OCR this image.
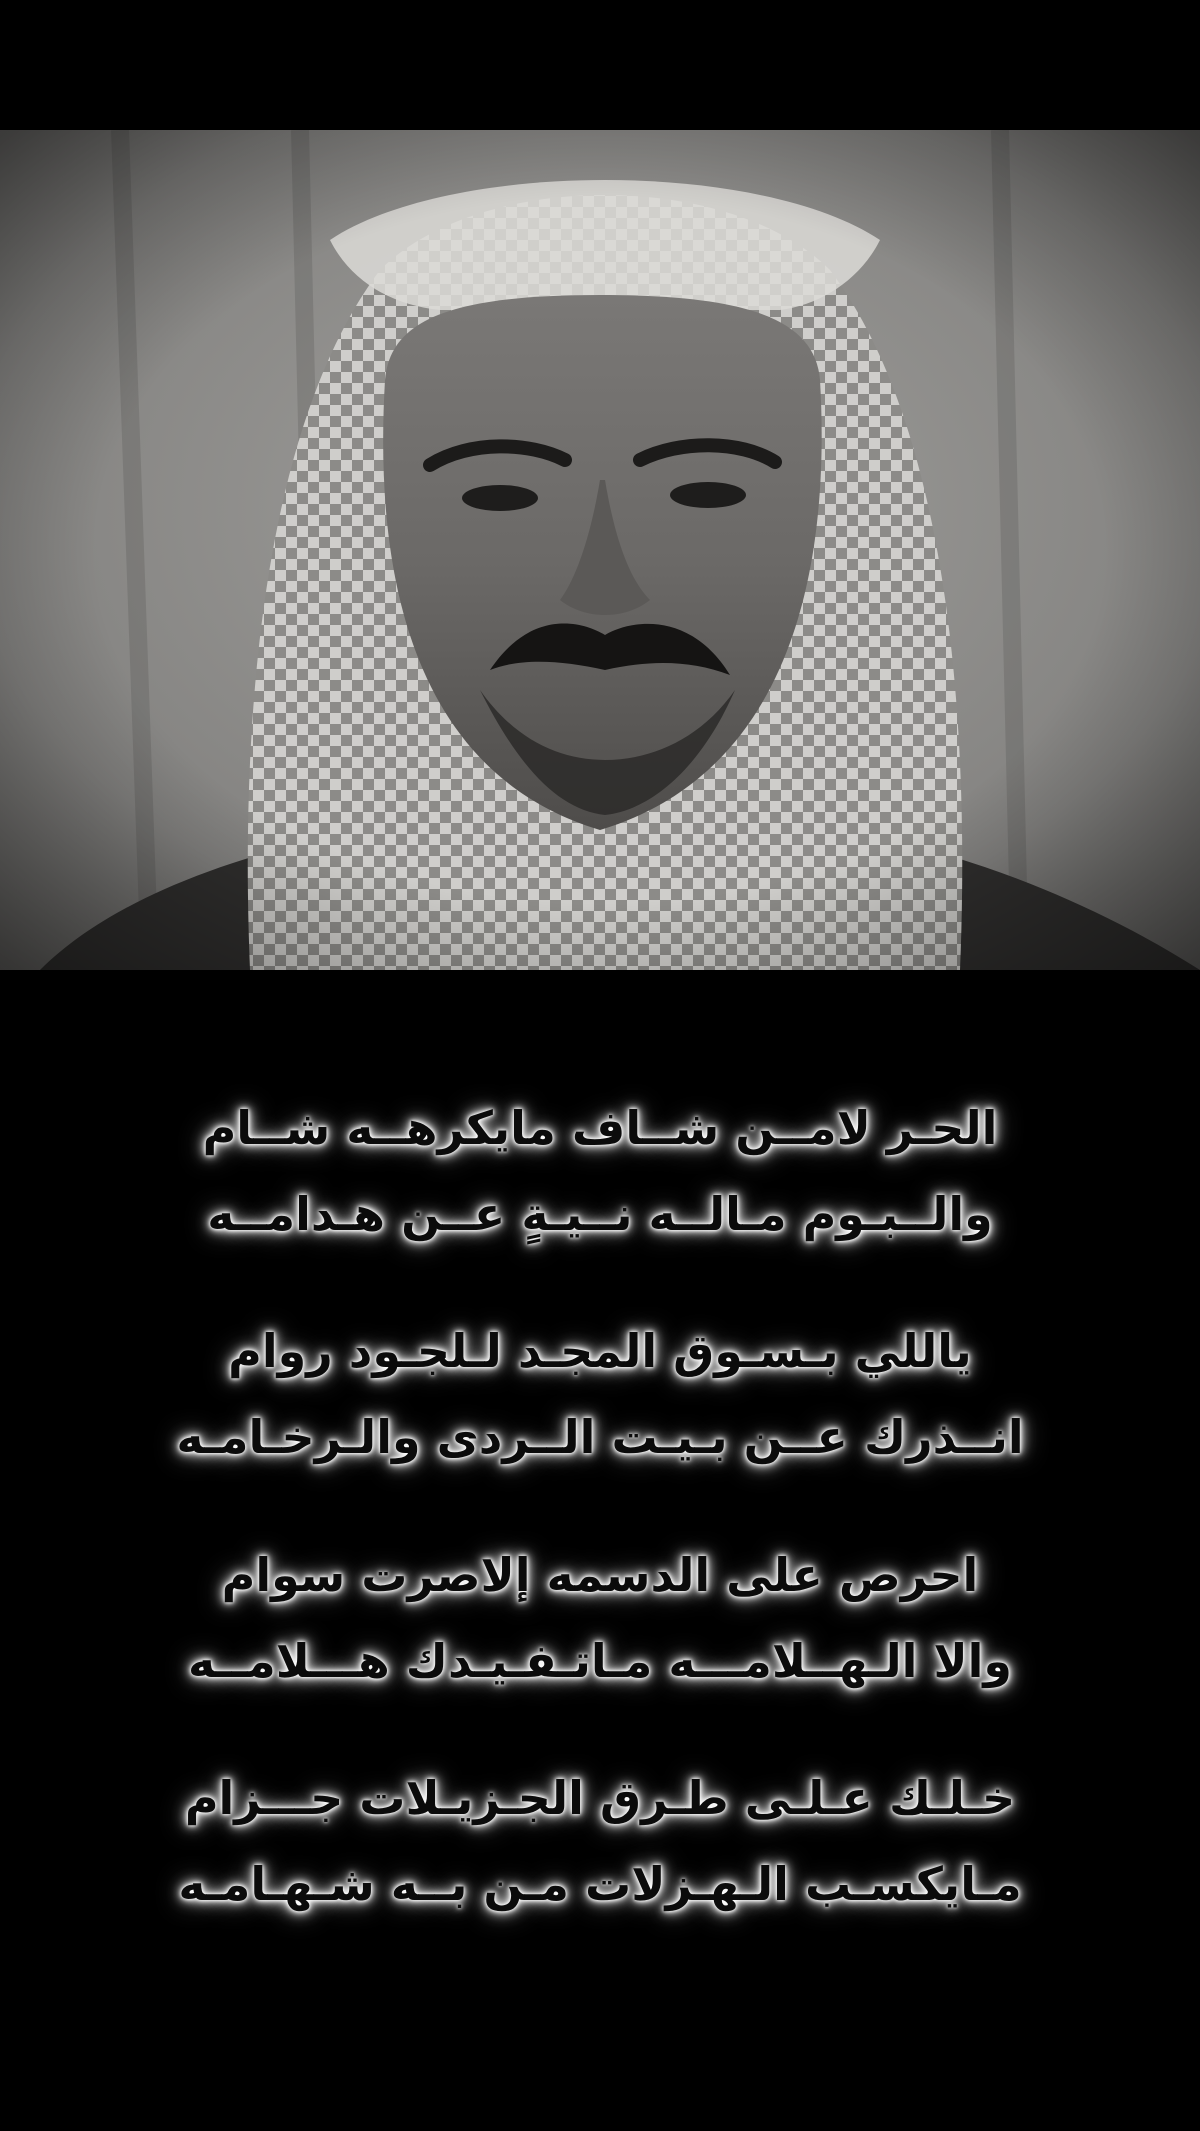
الحـر لامــن شــاف مايكرهــه شــام
والــبـوم مـالــه نــيـةٍ عــن هـدامــه
ياللي بـسـوق المجـد لـلجـود روام
انــذرك عــن بـيـت الــردى والـرخـامـه
احرص على الدسمه إلاصرت سوام
والا الـهــلامـــه مـاتـفـيـدك هـــلامــه
خـلـك عـلـى طـرق الجـزيـلات جـــزام
مـايكسـب الـهـزلات مـن بــه شـهـامـه
